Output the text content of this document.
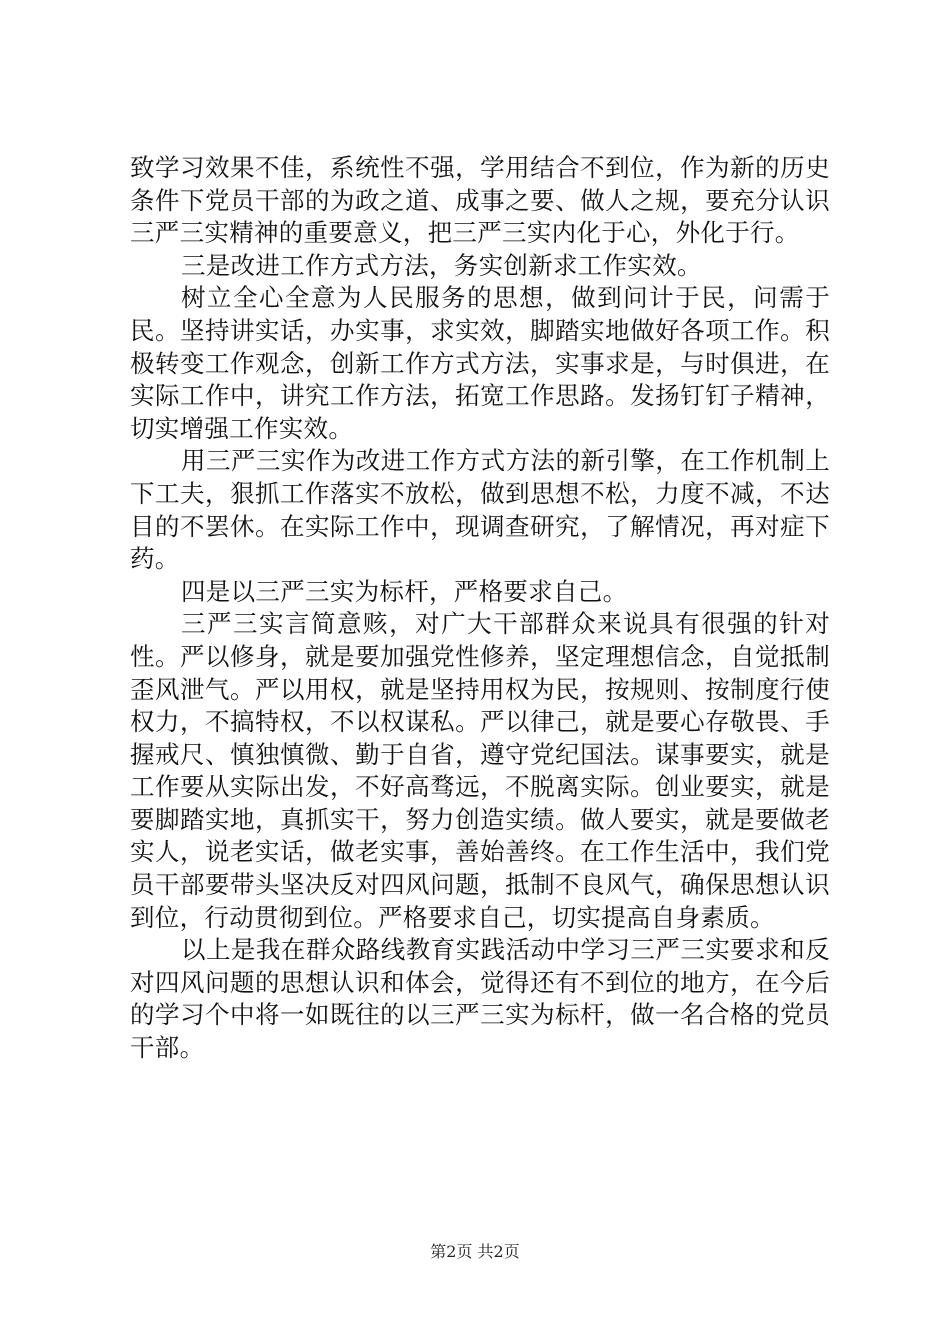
致学习效果不佳，系统性不强，学用结合不到位，作为新的历史条件下党员干部的为政之道、成事之要、做人之规，要充分认识三严三实精神的重要意义，把三严三实内化于心，外化于行。

三是改进工作方式方法，务实创新求工作实效。

树立全心全意为人民服务的思想，做到问计于民，问需于民。坚持讲实话，办实事，求实效，脚踏实地做好各项工作。积极转变工作观念，创新工作方式方法，实事求是，与时俱进，在实际工作中，讲究工作方法，拓宽工作思路。发扬钉钉子精神，切实增强工作实效。

用三严三实作为改进工作方式方法的新引擎，在工作机制上下工夫，狠抓工作落实不放松，做到思想不松，力度不减，不达目的不罢休。在实际工作中，现调查研究，了解情况，再对症下药。

四是以三严三实为标杆，严格要求自己。

三严三实言简意赅，对广大干部群众来说具有很强的针对性。严以修身，就是要加强党性修养，坚定理想信念，自觉抵制歪风泄气。严以用权，就是坚持用权为民，按规则、按制度行使权力，不搞特权，不以权谋私。严以律己，就是要心存敬畏、手握戒尺、慎独慎微、勤于自省，遵守党纪国法。谋事要实，就是工作要从实际出发，不好高骛远，不脱离实际。创业要实，就是要脚踏实地，真抓实干，努力创造实绩。做人要实，就是要做老实人，说老实话，做老实事，善始善终。在工作生活中，我们党员干部要带头坚决反对四风问题，抵制不良风气，确保思想认识到位，行动贯彻到位。严格要求自己，切实提高自身素质。

以上是我在群众路线教育实践活动中学习三严三实要求和反对四风问题的思想认识和体会，觉得还有不到位的地方，在今后的学习个中将一如既往的以三严三实为标杆，做一名合格的党员干部。

第2页 共2页
